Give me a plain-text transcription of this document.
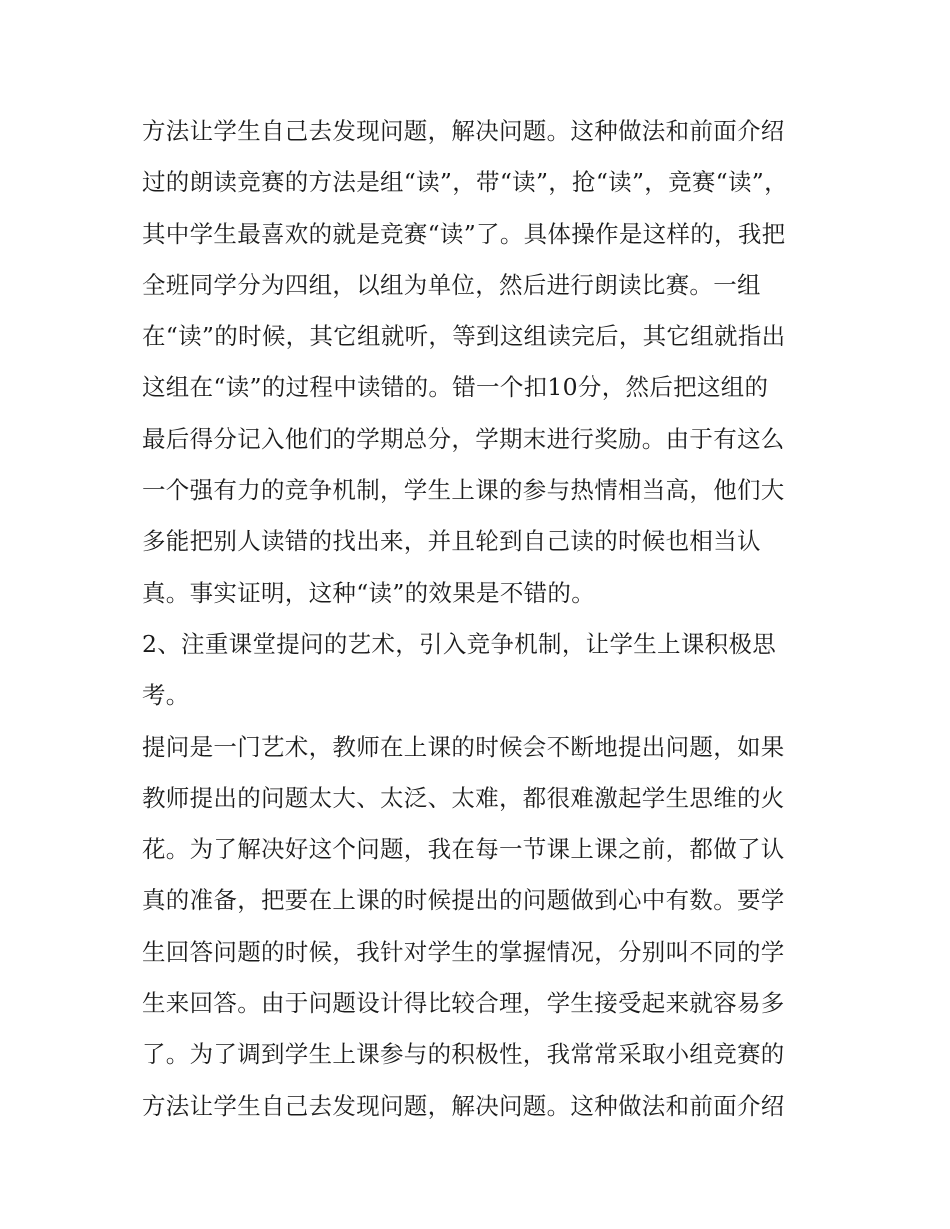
方法让学生自己去发现问题，解决问题。这种做法和前面介绍
过的朗读竞赛的方法是组“读”，带“读”，抢“读”，竞赛“读”，
其中学生最喜欢的就是竞赛“读”了。具体操作是这样的，我把
全班同学分为四组，以组为单位，然后进行朗读比赛。一组
在“读”的时候，其它组就听，等到这组读完后，其它组就指出
这组在“读”的过程中读错的。错一个扣10分，然后把这组的
最后得分记入他们的学期总分，学期末进行奖励。由于有这么
一个强有力的竞争机制，学生上课的参与热情相当高，他们大
多能把别人读错的找出来，并且轮到自己读的时候也相当认
真。事实证明，这种“读”的效果是不错的。
2、注重课堂提问的艺术，引入竞争机制，让学生上课积极思
考。
提问是一门艺术，教师在上课的时候会不断地提出问题，如果
教师提出的问题太大、太泛、太难，都很难激起学生思维的火
花。为了解决好这个问题，我在每一节课上课之前，都做了认
真的准备，把要在上课的时候提出的问题做到心中有数。要学
生回答问题的时候，我针对学生的掌握情况，分别叫不同的学
生来回答。由于问题设计得比较合理，学生接受起来就容易多
了。为了调到学生上课参与的积极性，我常常采取小组竞赛的
方法让学生自己去发现问题，解决问题。这种做法和前面介绍
